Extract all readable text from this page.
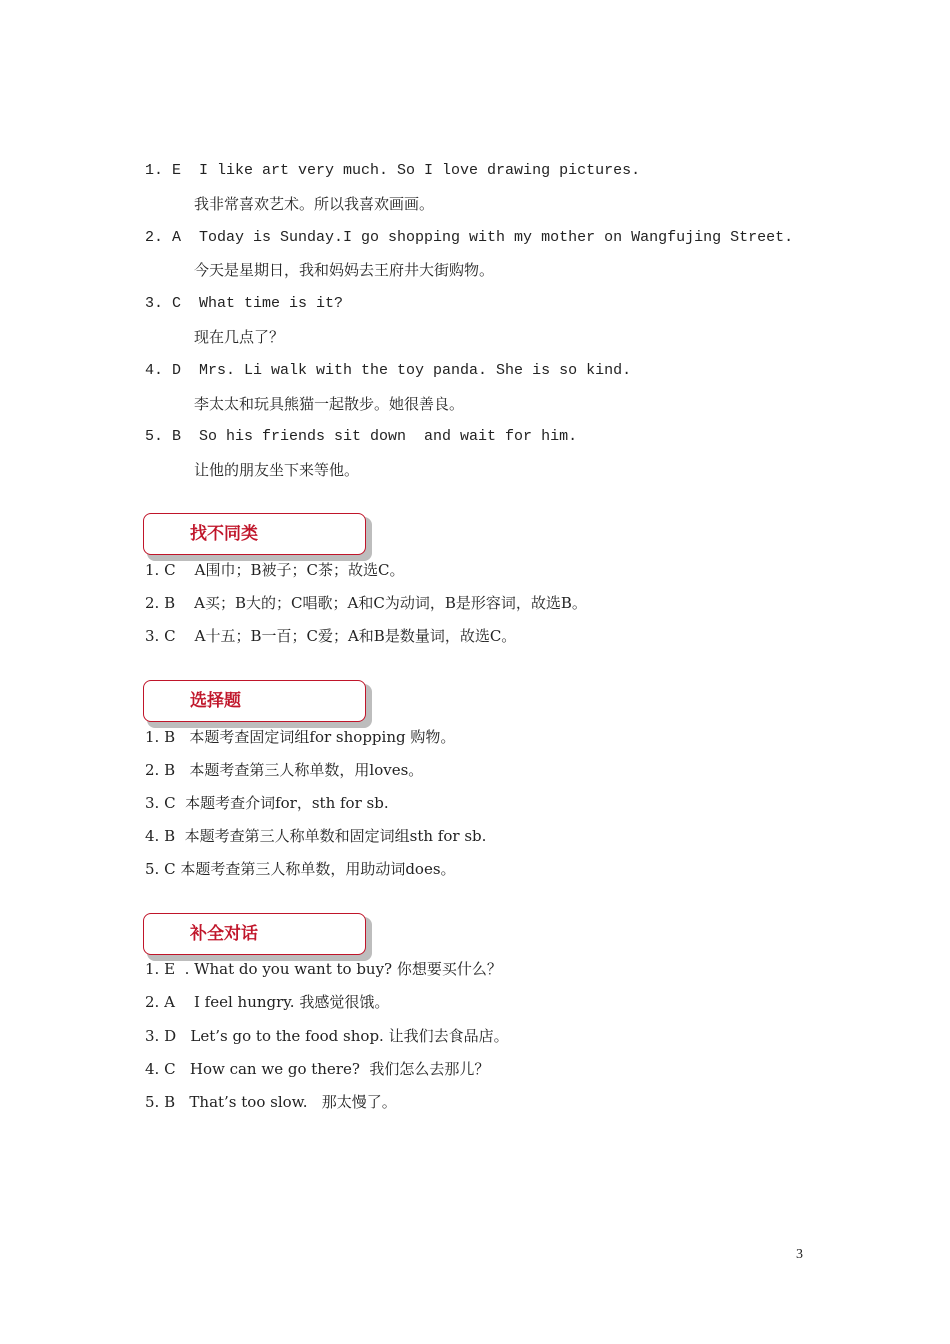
1. E  I like art very much. So I love drawing pictures.
我非常喜欢艺术。所以我喜欢画画。
2. A  Today is Sunday.I go shopping with my mother on Wangfujing Street.
今天是星期日，我和妈妈去王府井大街购物。
3. C  What time is it?
现在几点了？
4. D  Mrs. Li walk with the toy panda. She is so kind.
李太太和玩具熊猫一起散步。她很善良。
5. B  So his friends sit down  and wait for him.
让他的朋友坐下来等他。
找不同类
1. C    A围巾；B被子；C茶；故选C。
2. B    A买；B大的；C唱歌；A和C为动词，B是形容词，故选B。
3. C    A十五；B一百；C爱；A和B是数量词，故选C。
选择题
1. B   本题考查固定词组for shopping 购物。
2. B   本题考查第三人称单数，用loves。
3. C  本题考查介词for，sth for sb.
4. B  本题考查第三人称单数和固定词组sth for sb.
5. C 本题考查第三人称单数，用助动词does。
补全对话
1. E  . What do you want to buy? 你想要买什么？
2. A    I feel hungry. 我感觉很饿。
3. D   Let’s go to the food shop. 让我们去食品店。
4. C   How can we go there?  我们怎么去那儿？
5. B   That’s too slow.   那太慢了。
3
